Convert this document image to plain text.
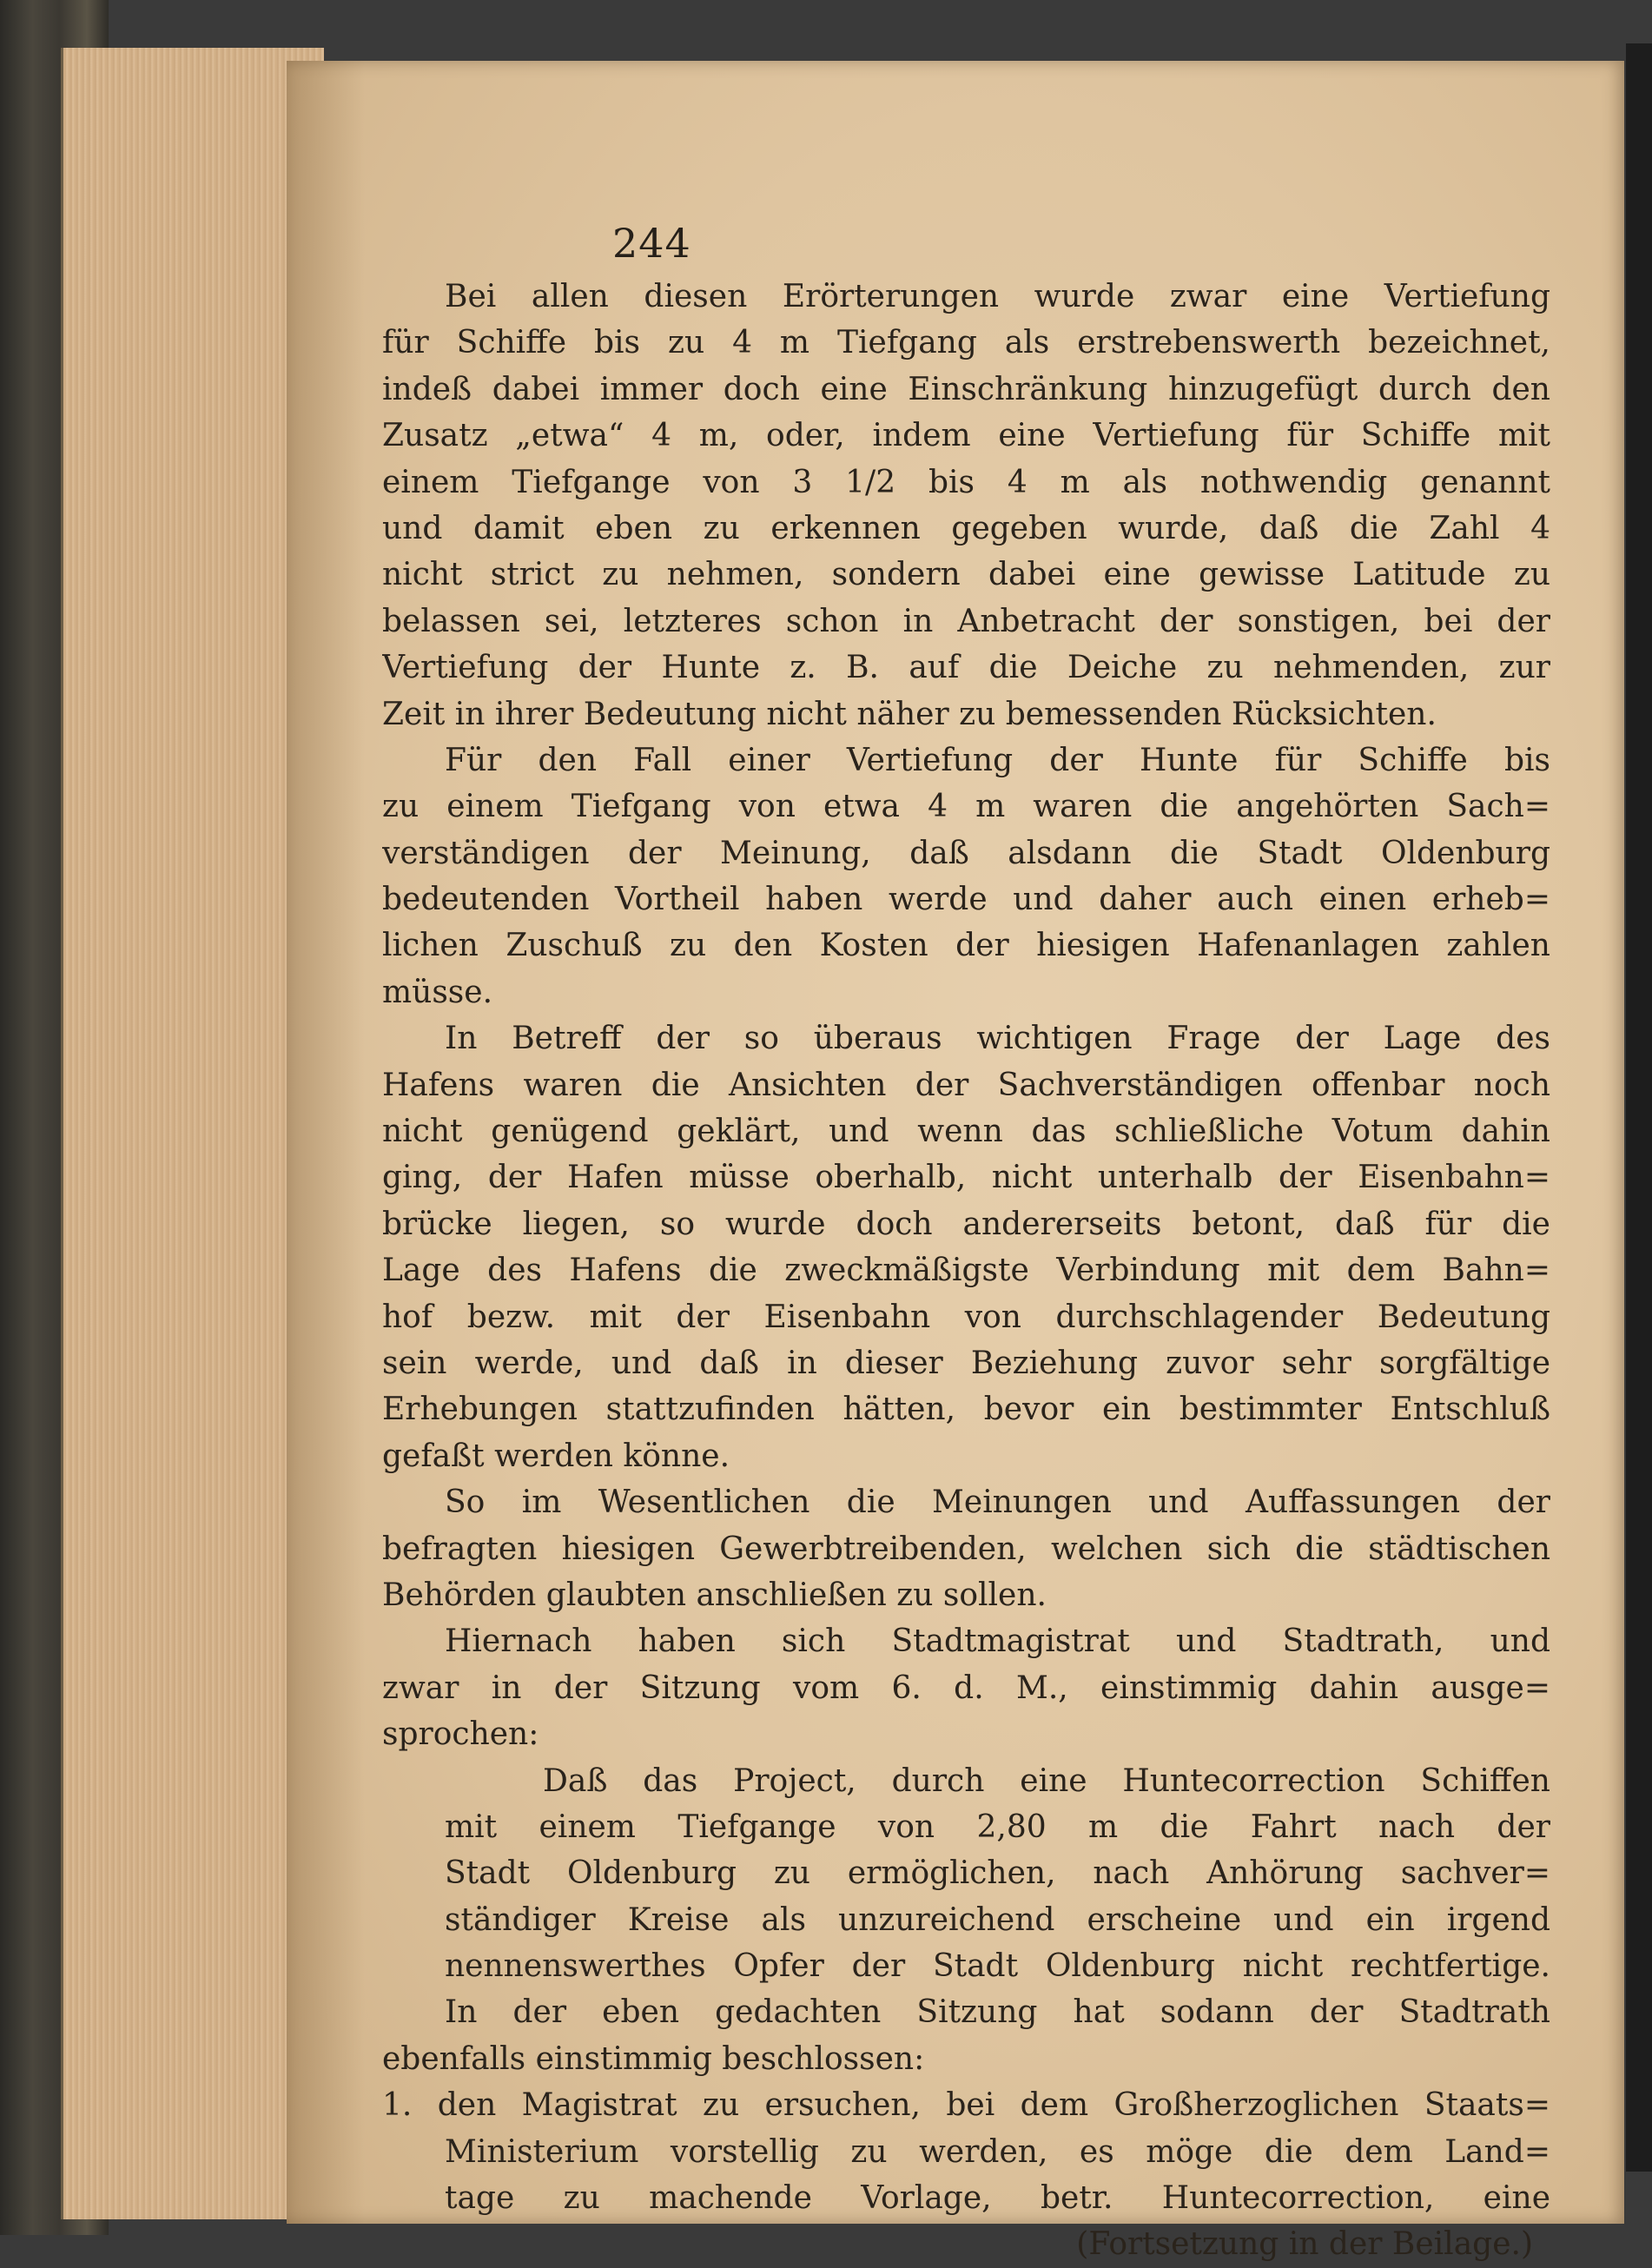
244
Bei allen diesen Erörterungen wurde zwar eine Vertiefung
für Schiffe bis zu 4 m Tiefgang als erstrebenswerth bezeichnet,
indeß dabei immer doch eine Einschränkung hinzugefügt durch den
Zusatz „etwa“ 4 m, oder, indem eine Vertiefung für Schiffe mit
einem Tiefgange von 3 1/2 bis 4 m als nothwendig genannt
und damit eben zu erkennen gegeben wurde, daß die Zahl 4
nicht strict zu nehmen, sondern dabei eine gewisse Latitude zu
belassen sei, letzteres schon in Anbetracht der sonstigen, bei der
Vertiefung der Hunte z. B. auf die Deiche zu nehmenden, zur
Zeit in ihrer Bedeutung nicht näher zu bemessenden Rücksichten.
Für den Fall einer Vertiefung der Hunte für Schiffe bis
zu einem Tiefgang von etwa 4 m waren die angehörten Sach=
verständigen der Meinung, daß alsdann die Stadt Oldenburg
bedeutenden Vortheil haben werde und daher auch einen erheb=
lichen Zuschuß zu den Kosten der hiesigen Hafenanlagen zahlen
müsse.
In Betreff der so überaus wichtigen Frage der Lage des
Hafens waren die Ansichten der Sachverständigen offenbar noch
nicht genügend geklärt, und wenn das schließliche Votum dahin
ging, der Hafen müsse oberhalb, nicht unterhalb der Eisenbahn=
brücke liegen, so wurde doch andererseits betont, daß für die
Lage des Hafens die zweckmäßigste Verbindung mit dem Bahn=
hof bezw. mit der Eisenbahn von durchschlagender Bedeutung
sein werde, und daß in dieser Beziehung zuvor sehr sorgfältige
Erhebungen stattzufinden hätten, bevor ein bestimmter Entschluß
gefaßt werden könne.
So im Wesentlichen die Meinungen und Auffassungen der
befragten hiesigen Gewerbtreibenden, welchen sich die städtischen
Behörden glaubten anschließen zu sollen.
Hiernach haben sich Stadtmagistrat und Stadtrath, und
zwar in der Sitzung vom 6. d. M., einstimmig dahin ausge=
sprochen:
Daß das Project, durch eine Huntecorrection Schiffen
mit einem Tiefgange von 2,80 m die Fahrt nach der
Stadt Oldenburg zu ermöglichen, nach Anhörung sachver=
ständiger Kreise als unzureichend erscheine und ein irgend
nennenswerthes Opfer der Stadt Oldenburg nicht rechtfertige.
In der eben gedachten Sitzung hat sodann der Stadtrath
ebenfalls einstimmig beschlossen:
1. den Magistrat zu ersuchen, bei dem Großherzoglichen Staats=
Ministerium vorstellig zu werden, es möge die dem Land=
tage zu machende Vorlage, betr. Huntecorrection, eine
(Fortsetzung in der Beilage.)
